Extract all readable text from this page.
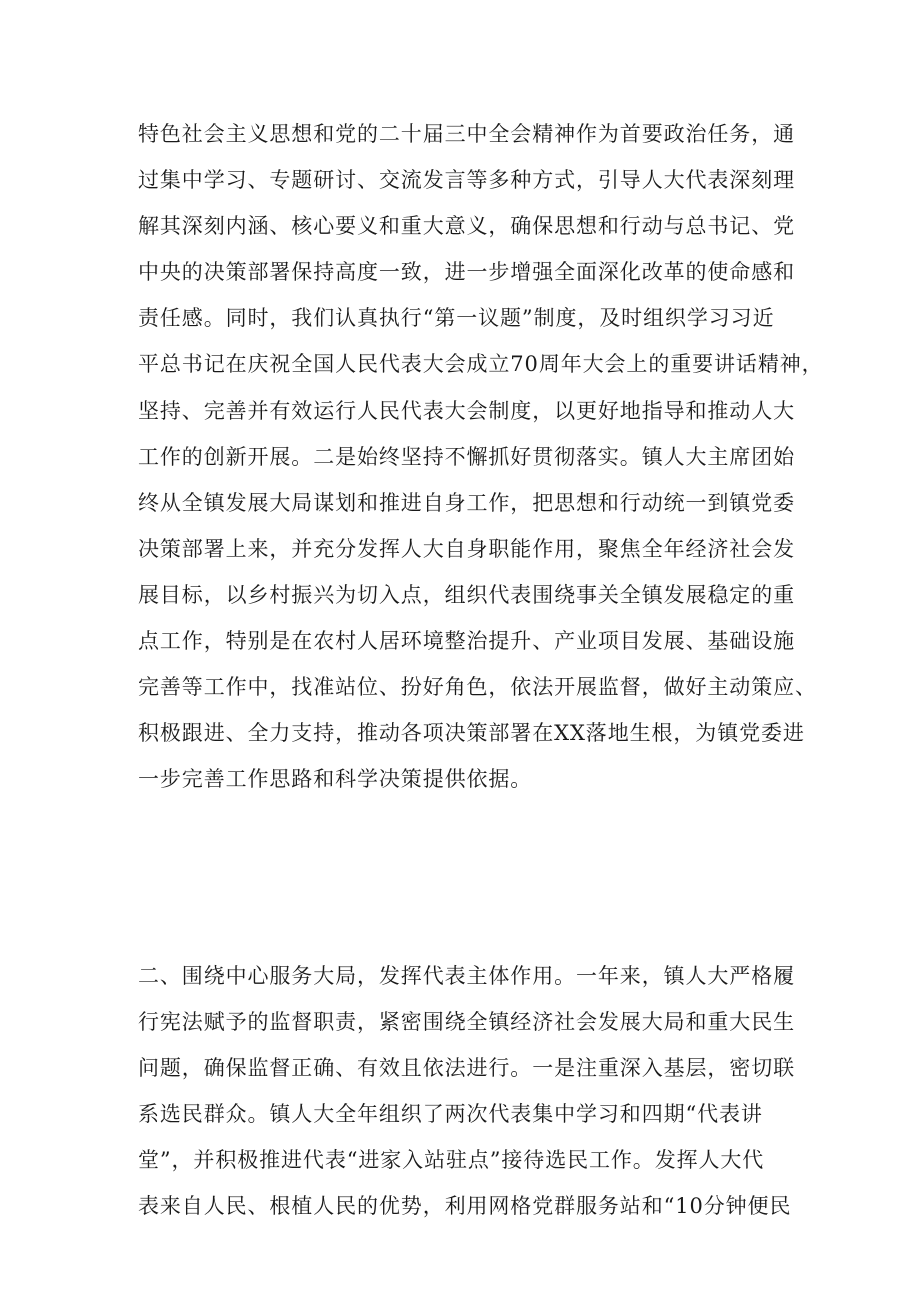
特色社会主义思想和党的二十届三中全会精神作为首要政治任务，通
过集中学习、专题研讨、交流发言等多种方式，引导人大代表深刻理
解其深刻内涵、核心要义和重大意义，确保思想和行动与总书记、党
中央的决策部署保持高度一致，进一步增强全面深化改革的使命感和
责任感。同时，我们认真执行“第一议题”制度，及时组织学习习近
平总书记在庆祝全国人民代表大会成立70周年大会上的重要讲话精神，
坚持、完善并有效运行人民代表大会制度，以更好地指导和推动人大
工作的创新开展。二是始终坚持不懈抓好贯彻落实。镇人大主席团始
终从全镇发展大局谋划和推进自身工作，把思想和行动统一到镇党委
决策部署上来，并充分发挥人大自身职能作用，聚焦全年经济社会发
展目标，以乡村振兴为切入点，组织代表围绕事关全镇发展稳定的重
点工作，特别是在农村人居环境整治提升、产业项目发展、基础设施
完善等工作中，找准站位、扮好角色，依法开展监督，做好主动策应、
积极跟进、全力支持，推动各项决策部署在XX落地生根，为镇党委进
一步完善工作思路和科学决策提供依据。
二、围绕中心服务大局，发挥代表主体作用。一年来，镇人大严格履
行宪法赋予的监督职责，紧密围绕全镇经济社会发展大局和重大民生
问题，确保监督正确、有效且依法进行。一是注重深入基层，密切联
系选民群众。镇人大全年组织了两次代表集中学习和四期“代表讲
堂”，并积极推进代表“进家入站驻点”接待选民工作。发挥人大代
表来自人民、根植人民的优势，利用网格党群服务站和“10分钟便民
